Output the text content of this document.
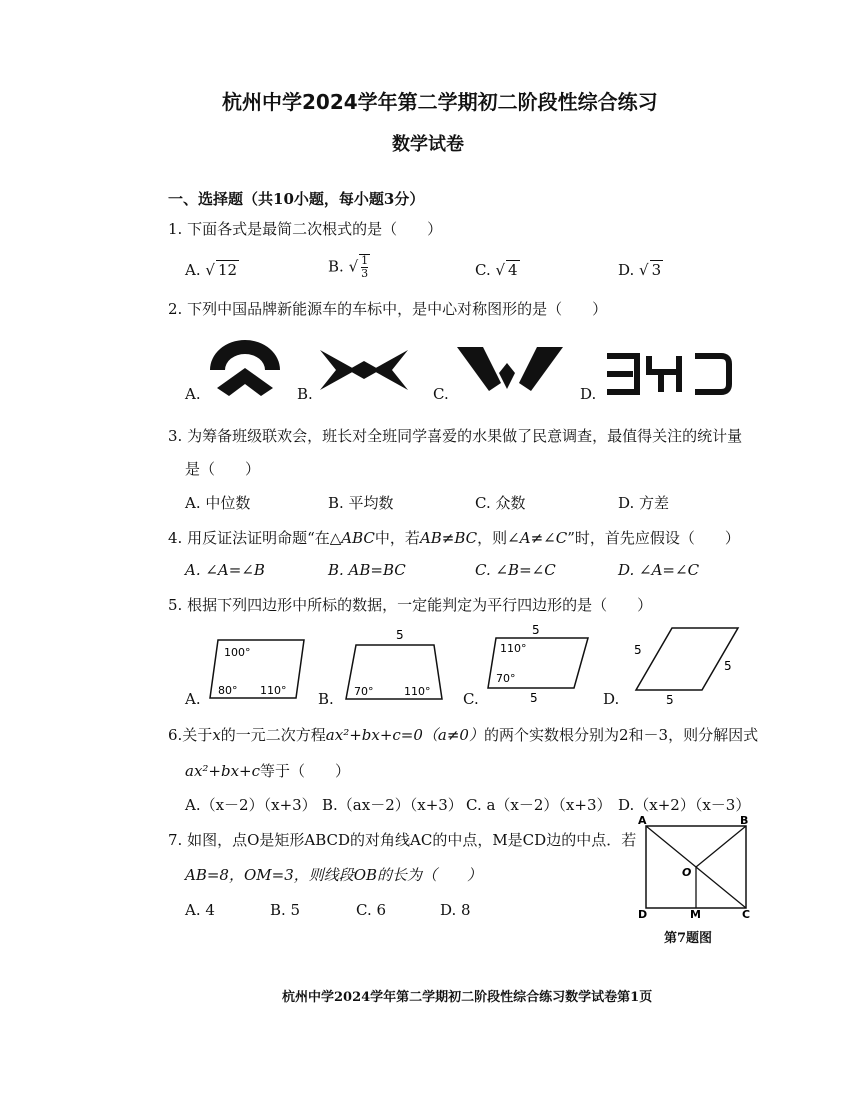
杭州中学2024学年第二学期初二阶段性综合练习
数学试卷
一、选择题（共10小题，每小题3分）
1. 下面各式是最简二次根式的是（　　）
A. √ 12	B. √ $\frac{1}{3}$	C. √ 4	D. √ 3
2. 下列中国品牌新能源车的车标中，是中心对称图形的是（　　）
A.	B.	C.	D.
3. 为筹备班级联欢会，班长对全班同学喜爱的水果做了民意调查，最值得关注的统计量
是（　　）
A. 中位数	B. 平均数	C. 众数	D. 方差
4. 用反证法证明命题“在△ABC中，若AB≠BC，则∠A≠∠C”时，首先应假设（　　）
A. ∠A=∠B	B. AB=BC	C. ∠B=∠C	D. ∠A=∠C
5. 根据下列四边形中所标的数据，一定能判定为平行四边形的是（　　）
A.
100°
80° 110° B.
5
70°	110° C.
5
110°
70°
5	D.
5
5
5
6.关于x的一元二次方程ax²+bx+c=0（a≠0）的两个实数根分别为2和－3，则分解因式
ax²+bx+c等于（　　）
A.（x－2）（x+3） B.（ax－2）（x+3） C. a（x－2）（x+3） D.（x+2）（x－3）
7. 如图，点O是矩形ABCD的对角线AC的中点，M是CD边的中点．若
AB=8，OM=3，则线段OB的长为（　　）
A. 4	B. 5	C. 6	D. 8
A	B
O
D	M	C
第7题图
杭州中学2024学年第二学期初二阶段性综合练习数学试卷第1页
